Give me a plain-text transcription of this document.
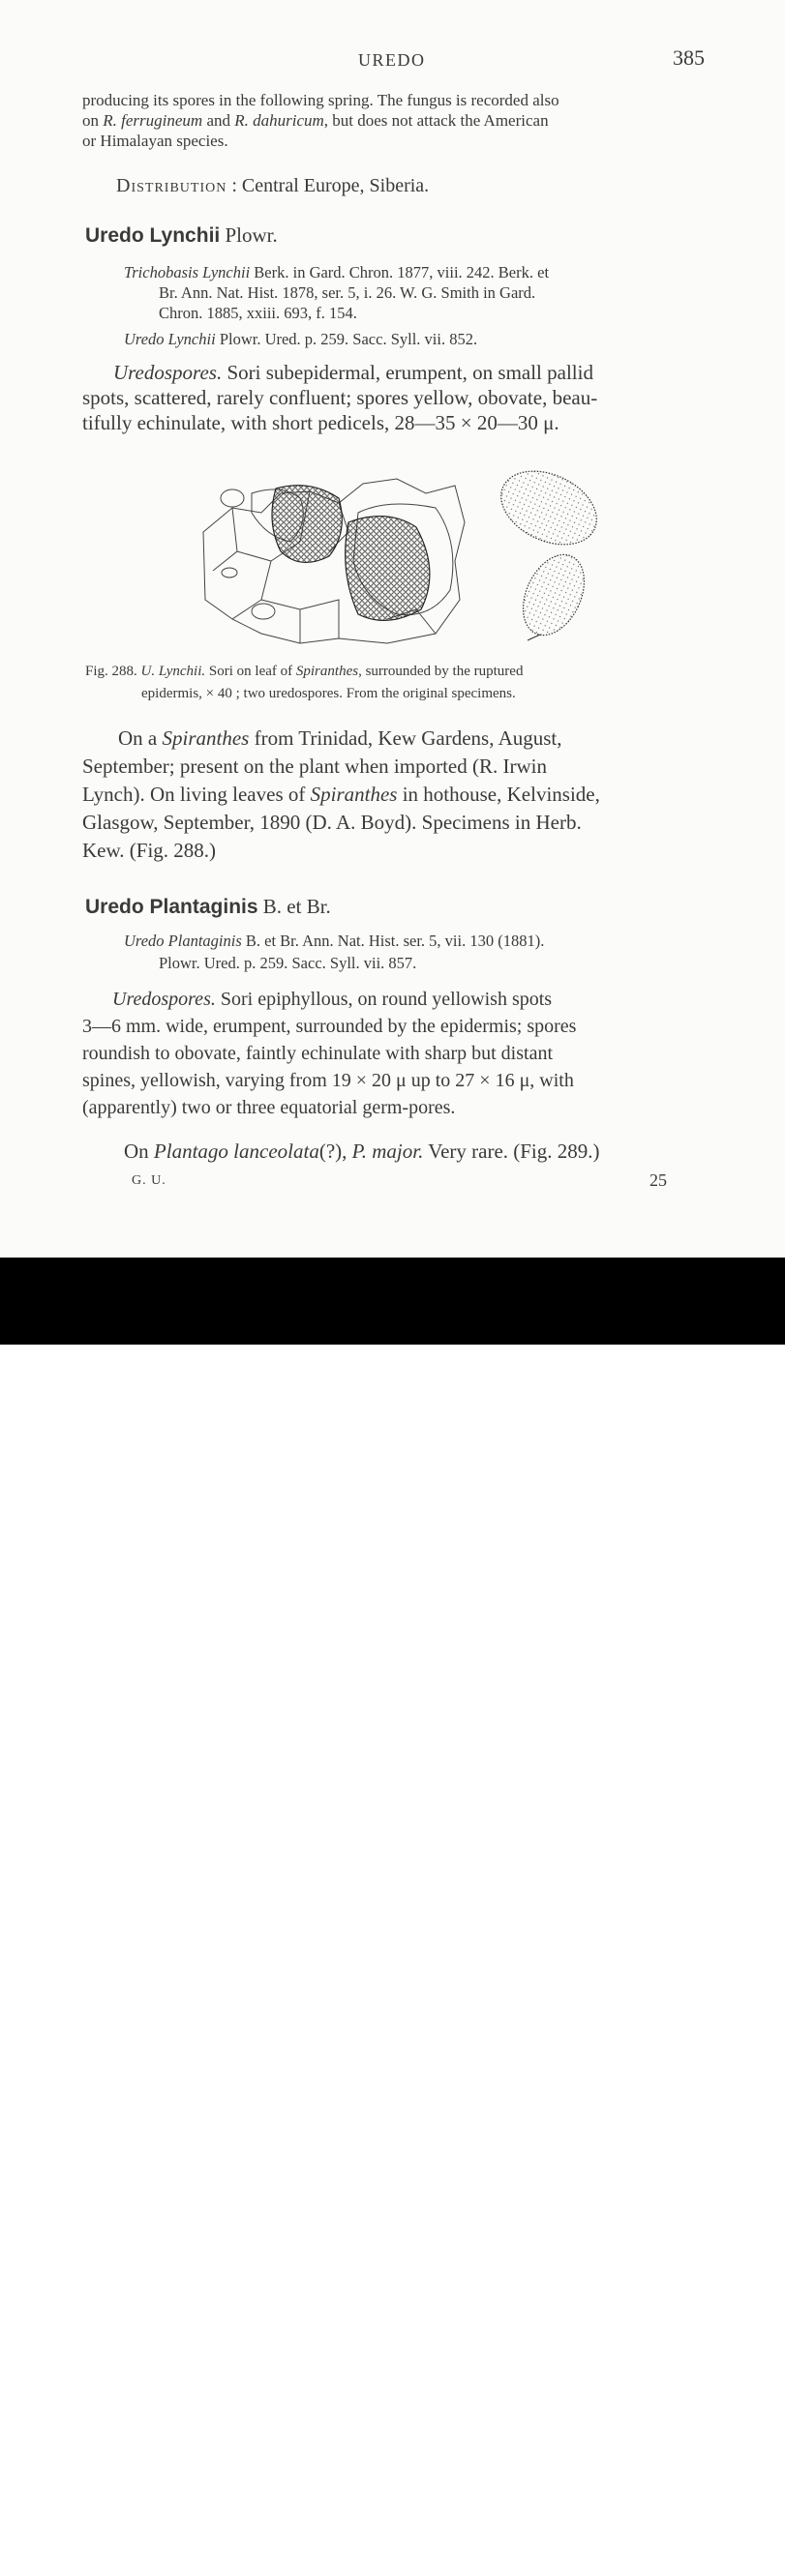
UREDO	385
producing its spores in the following spring. The fungus is recorded also
on R. ferrugineum and R. dahuricum, but does not attack the American
or Himalayan species.
Distribution : Central Europe, Siberia.
Uredo Lynchii Plowr.
Trichobasis Lynchii Berk. in Gard. Chron. 1877, viii. 242. Berk. et
Br. Ann. Nat. Hist. 1878, ser. 5, i. 26. W. G. Smith in Gard.
Chron. 1885, xxiii. 693, f. 154.
Uredo Lynchii Plowr. Ured. p. 259. Sacc. Syll. vii. 852.
Uredospores. Sori subepidermal, erumpent, on small pallid
spots, scattered, rarely confluent; spores yellow, obovate, beau-
tifully echinulate, with short pedicels, 28—35 × 20—30 μ.
Fig. 288. U. Lynchii. Sori on leaf of Spiranthes, surrounded by the ruptured
epidermis, × 40 ; two uredospores. From the original specimens.
On a Spiranthes from Trinidad, Kew Gardens, August,
September; present on the plant when imported (R. Irwin
Lynch). On living leaves of Spiranthes in hothouse, Kelvinside,
Glasgow, September, 1890 (D. A. Boyd). Specimens in Herb.
Kew. (Fig. 288.)
Uredo Plantaginis B. et Br.
Uredo Plantaginis B. et Br. Ann. Nat. Hist. ser. 5, vii. 130 (1881).
Plowr. Ured. p. 259. Sacc. Syll. vii. 857.
Uredospores. Sori epiphyllous, on round yellowish spots
3—6 mm. wide, erumpent, surrounded by the epidermis; spores
roundish to obovate, faintly echinulate with sharp but distant
spines, yellowish, varying from 19 × 20 μ up to 27 × 16 μ, with
(apparently) two or three equatorial germ-pores.
On Plantago lanceolata(?), P. major. Very rare. (Fig. 289.)
G. U.	25
alamy	H2Y1DH
www.alamy.com
